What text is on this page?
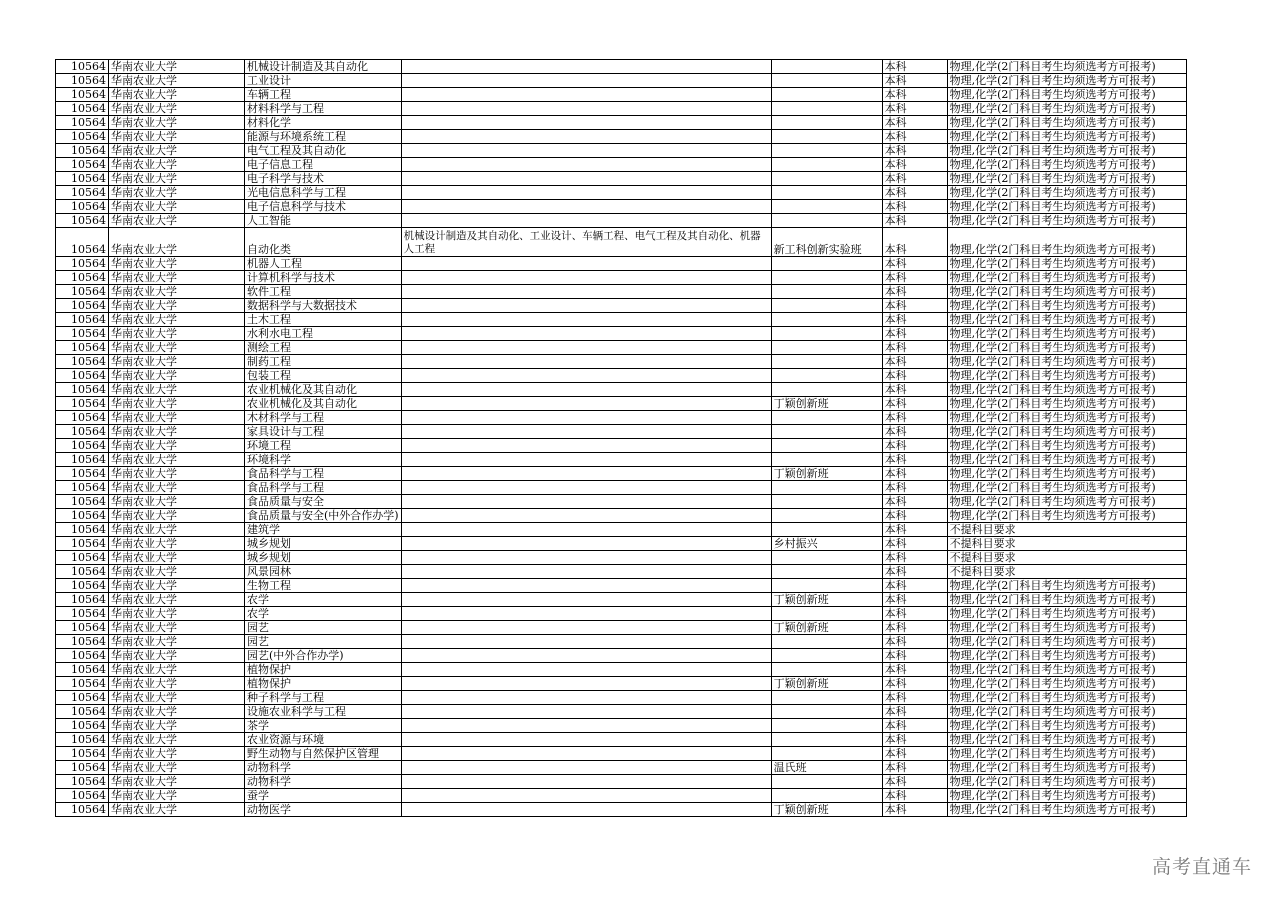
10564	华南农业大学	机械设计制造及其自动化			本科	物理,化学(2门科目考生均须选考方可报考)
10564	华南农业大学	工业设计			本科	物理,化学(2门科目考生均须选考方可报考)
10564	华南农业大学	车辆工程			本科	物理,化学(2门科目考生均须选考方可报考)
10564	华南农业大学	材料科学与工程			本科	物理,化学(2门科目考生均须选考方可报考)
10564	华南农业大学	材料化学			本科	物理,化学(2门科目考生均须选考方可报考)
10564	华南农业大学	能源与环境系统工程			本科	物理,化学(2门科目考生均须选考方可报考)
10564	华南农业大学	电气工程及其自动化			本科	物理,化学(2门科目考生均须选考方可报考)
10564	华南农业大学	电子信息工程			本科	物理,化学(2门科目考生均须选考方可报考)
10564	华南农业大学	电子科学与技术			本科	物理,化学(2门科目考生均须选考方可报考)
10564	华南农业大学	光电信息科学与工程			本科	物理,化学(2门科目考生均须选考方可报考)
10564	华南农业大学	电子信息科学与技术			本科	物理,化学(2门科目考生均须选考方可报考)
10564	华南农业大学	人工智能			本科	物理,化学(2门科目考生均须选考方可报考)
10564	华南农业大学	自动化类	机械设计制造及其自动化、工业设计、车辆工程、电气工程及其自动化、机器人工程	新工科创新实验班	本科	物理,化学(2门科目考生均须选考方可报考)
10564	华南农业大学	机器人工程			本科	物理,化学(2门科目考生均须选考方可报考)
10564	华南农业大学	计算机科学与技术			本科	物理,化学(2门科目考生均须选考方可报考)
10564	华南农业大学	软件工程			本科	物理,化学(2门科目考生均须选考方可报考)
10564	华南农业大学	数据科学与大数据技术			本科	物理,化学(2门科目考生均须选考方可报考)
10564	华南农业大学	土木工程			本科	物理,化学(2门科目考生均须选考方可报考)
10564	华南农业大学	水利水电工程			本科	物理,化学(2门科目考生均须选考方可报考)
10564	华南农业大学	测绘工程			本科	物理,化学(2门科目考生均须选考方可报考)
10564	华南农业大学	制药工程			本科	物理,化学(2门科目考生均须选考方可报考)
10564	华南农业大学	包装工程			本科	物理,化学(2门科目考生均须选考方可报考)
10564	华南农业大学	农业机械化及其自动化			本科	物理,化学(2门科目考生均须选考方可报考)
10564	华南农业大学	农业机械化及其自动化		丁颖创新班	本科	物理,化学(2门科目考生均须选考方可报考)
10564	华南农业大学	木材科学与工程			本科	物理,化学(2门科目考生均须选考方可报考)
10564	华南农业大学	家具设计与工程			本科	物理,化学(2门科目考生均须选考方可报考)
10564	华南农业大学	环境工程			本科	物理,化学(2门科目考生均须选考方可报考)
10564	华南农业大学	环境科学			本科	物理,化学(2门科目考生均须选考方可报考)
10564	华南农业大学	食品科学与工程		丁颖创新班	本科	物理,化学(2门科目考生均须选考方可报考)
10564	华南农业大学	食品科学与工程			本科	物理,化学(2门科目考生均须选考方可报考)
10564	华南农业大学	食品质量与安全			本科	物理,化学(2门科目考生均须选考方可报考)
10564	华南农业大学	食品质量与安全(中外合作办学)			本科	物理,化学(2门科目考生均须选考方可报考)
10564	华南农业大学	建筑学			本科	不提科目要求
10564	华南农业大学	城乡规划		乡村振兴	本科	不提科目要求
10564	华南农业大学	城乡规划			本科	不提科目要求
10564	华南农业大学	风景园林			本科	不提科目要求
10564	华南农业大学	生物工程			本科	物理,化学(2门科目考生均须选考方可报考)
10564	华南农业大学	农学		丁颖创新班	本科	物理,化学(2门科目考生均须选考方可报考)
10564	华南农业大学	农学			本科	物理,化学(2门科目考生均须选考方可报考)
10564	华南农业大学	园艺		丁颖创新班	本科	物理,化学(2门科目考生均须选考方可报考)
10564	华南农业大学	园艺			本科	物理,化学(2门科目考生均须选考方可报考)
10564	华南农业大学	园艺(中外合作办学)			本科	物理,化学(2门科目考生均须选考方可报考)
10564	华南农业大学	植物保护			本科	物理,化学(2门科目考生均须选考方可报考)
10564	华南农业大学	植物保护		丁颖创新班	本科	物理,化学(2门科目考生均须选考方可报考)
10564	华南农业大学	种子科学与工程			本科	物理,化学(2门科目考生均须选考方可报考)
10564	华南农业大学	设施农业科学与工程			本科	物理,化学(2门科目考生均须选考方可报考)
10564	华南农业大学	茶学			本科	物理,化学(2门科目考生均须选考方可报考)
10564	华南农业大学	农业资源与环境			本科	物理,化学(2门科目考生均须选考方可报考)
10564	华南农业大学	野生动物与自然保护区管理			本科	物理,化学(2门科目考生均须选考方可报考)
10564	华南农业大学	动物科学		温氏班	本科	物理,化学(2门科目考生均须选考方可报考)
10564	华南农业大学	动物科学			本科	物理,化学(2门科目考生均须选考方可报考)
10564	华南农业大学	蚕学			本科	物理,化学(2门科目考生均须选考方可报考)
10564	华南农业大学	动物医学		丁颖创新班	本科	物理,化学(2门科目考生均须选考方可报考)
高考直通车
